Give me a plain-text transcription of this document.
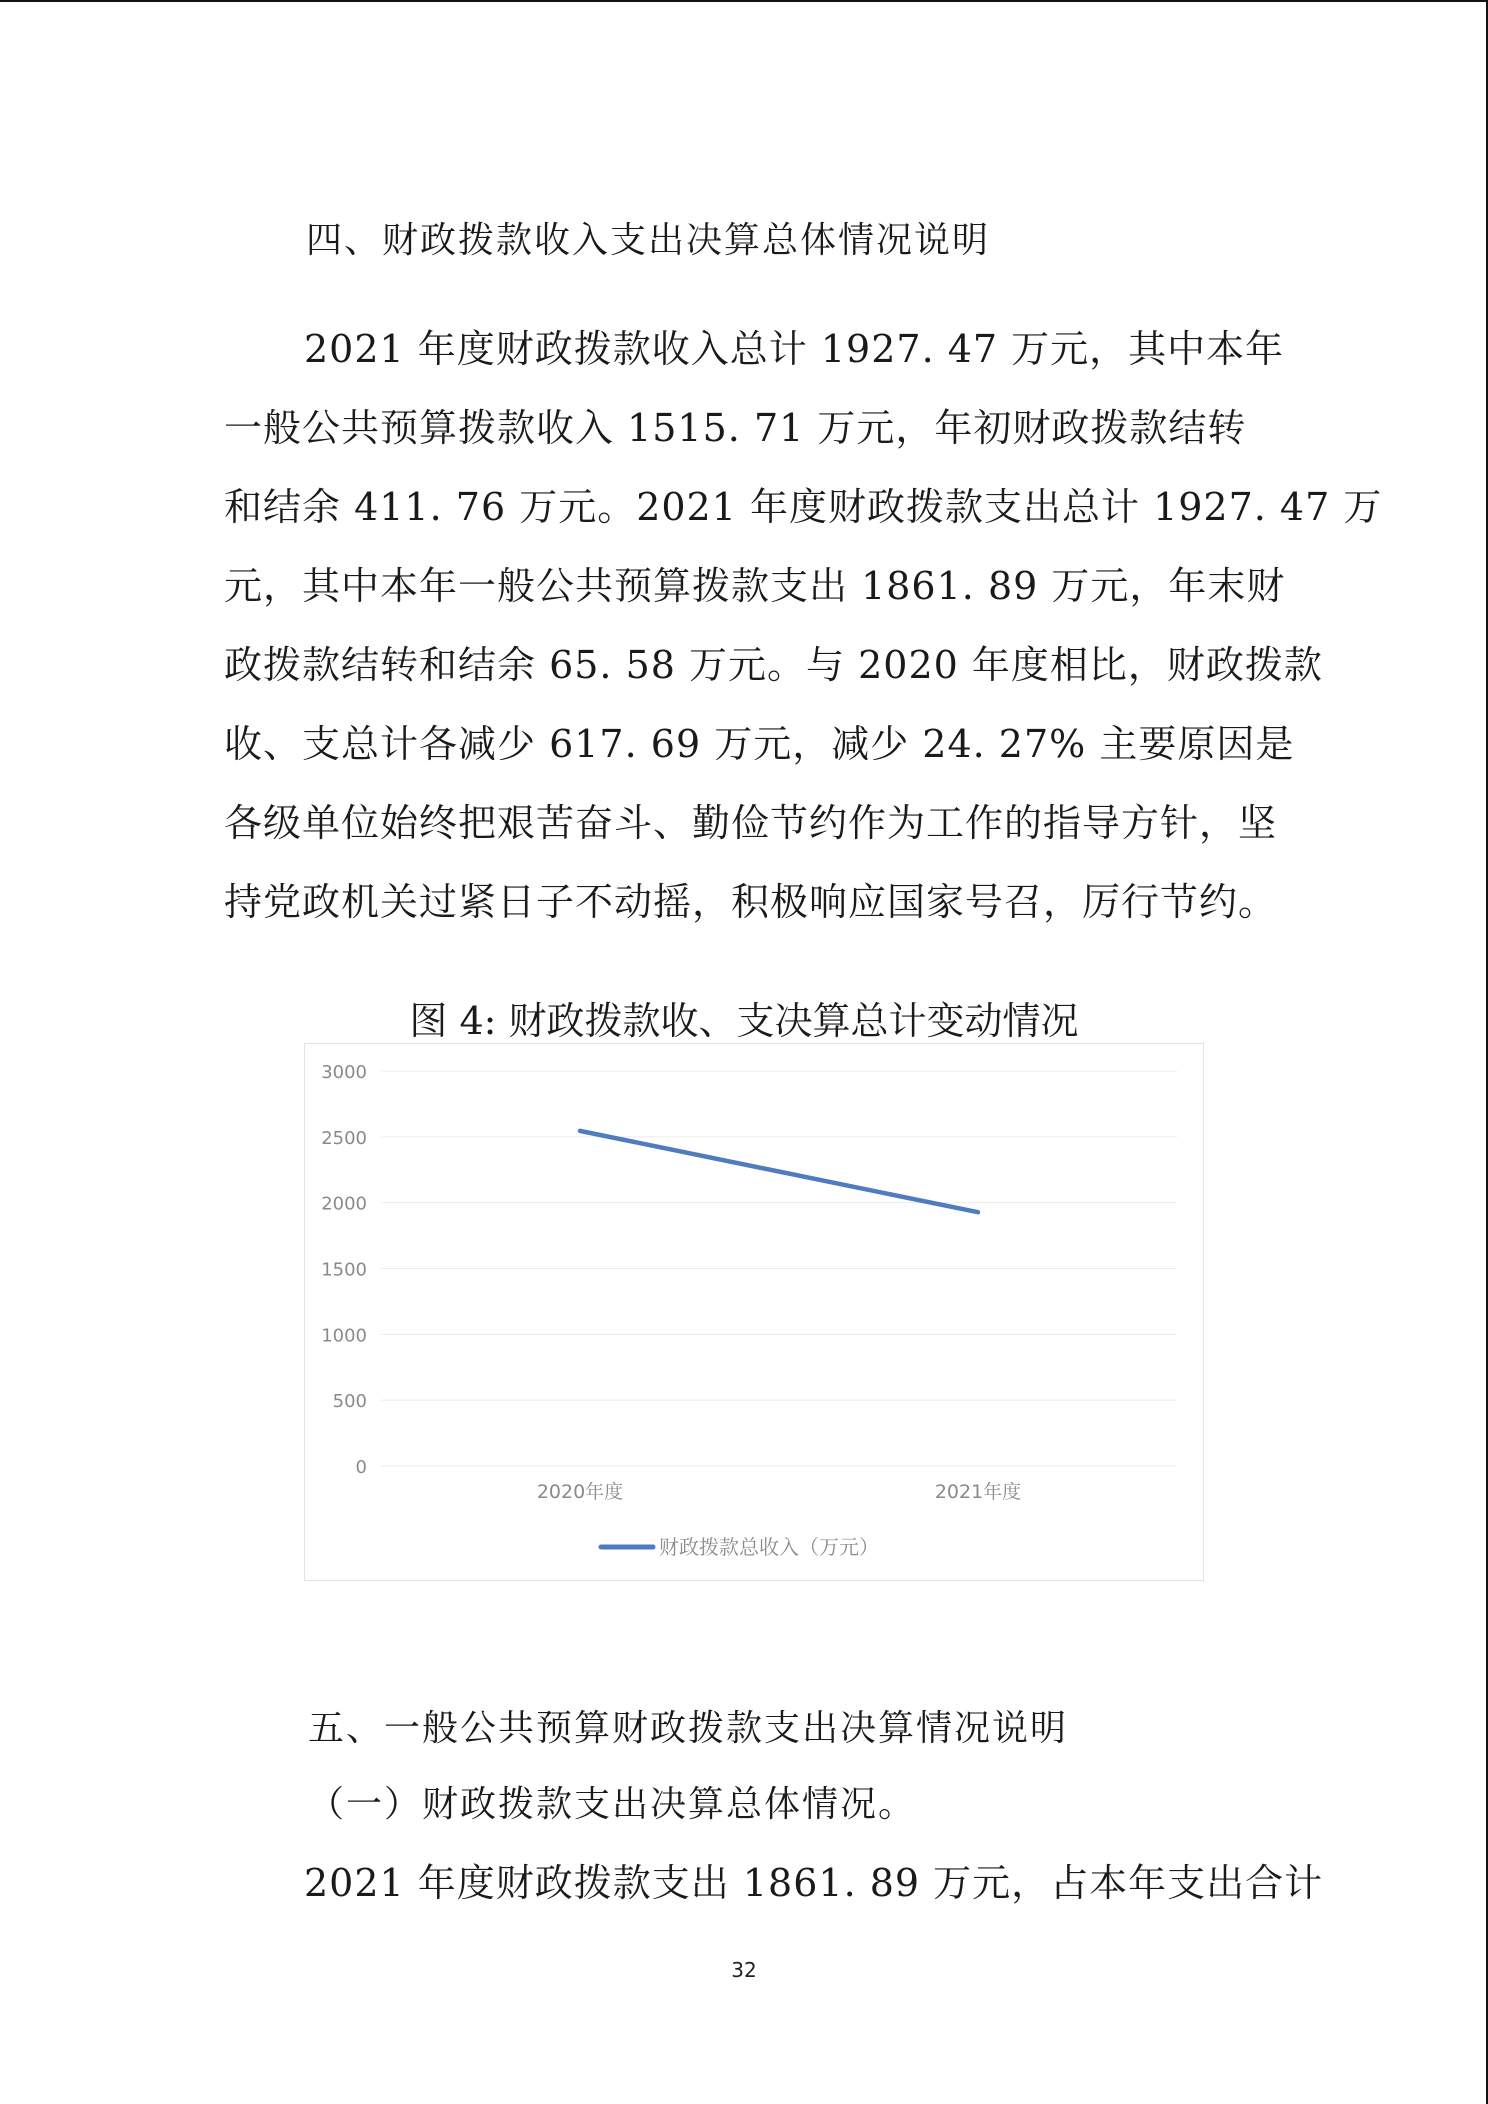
四、财政拨款收入支出决算总体情况说明
2021 年度财政拨款收入总计 1927. 47 万元，其中本年
一般公共预算拨款收入 1515. 71 万元，年初财政拨款结转
和结余 411. 76 万元。2021 年度财政拨款支出总计 1927. 47 万
元，其中本年一般公共预算拨款支出 1861. 89 万元，年末财
政拨款结转和结余 65. 58 万元。与 2020 年度相比，财政拨款
收、支总计各减少 617. 69 万元，减少 24. 27% 主要原因是
各级单位始终把艰苦奋斗、勤俭节约作为工作的指导方针，坚
持党政机关过紧日子不动摇，积极响应国家号召，厉行节约。
图 4: 财政拨款收、支决算总计变动情况
0
500
1000
1500
2000
2500
3000
2020年度	2021年度
财政拨款总收入（万元）
五、一般公共预算财政拨款支出决算情况说明
（一）财政拨款支出决算总体情况。
2021 年度财政拨款支出 1861. 89 万元，占本年支出合计
32
